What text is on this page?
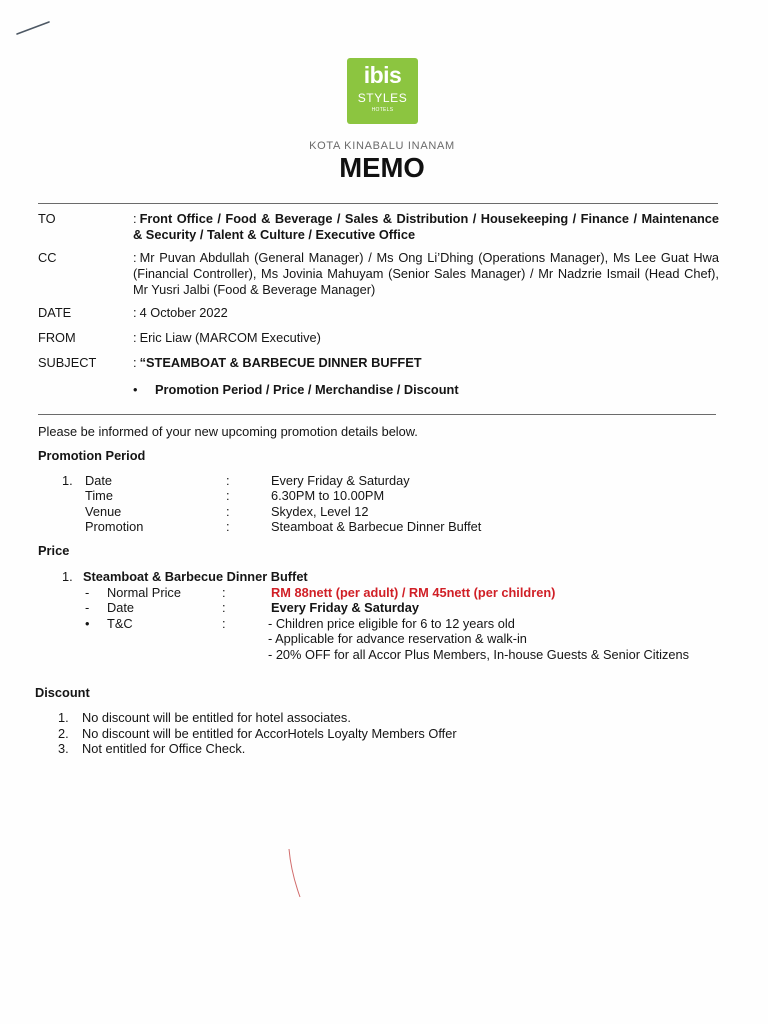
ibis
STYLES
HOTELS
KOTA KINABALU INANAM
MEMO
TO	: Front Office / Food & Beverage / Sales & Distribution / Housekeeping / Finance / Maintenance
& Security / Talent & Culture / Executive Office
CC	: Mr Puvan Abdullah (General Manager) / Ms Ong Li’Dhing (Operations Manager), Ms Lee Guat Hwa
(Financial Controller), Ms Jovinia Mahuyam (Senior Sales Manager) / Mr Nadzrie Ismail (Head Chef),
Mr Yusri Jalbi (Food & Beverage Manager)
DATE	: 4 October 2022
FROM	: Eric Liaw (MARCOM Executive)
SUBJECT	: “STEAMBOAT & BARBECUE DINNER BUFFET
• Promotion Period / Price / Merchandise / Discount
Please be informed of your new upcoming promotion details below.
Promotion Period
1. Date	:	Every Friday & Saturday
Time	:	6.30PM to 10.00PM
Venue	:	Skydex, Level 12
Promotion	:	Steamboat & Barbecue Dinner Buffet
Price
1. Steamboat & Barbecue Dinner Buffet
- Normal Price	:	RM 88nett (per adult) / RM 45nett (per children)
- Date	:	Every Friday & Saturday
• T&C	:	- Children price eligible for 6 to 12 years old
- Applicable for advance reservation & walk-in
- 20% OFF for all Accor Plus Members, In-house Guests & Senior Citizens
Discount
1. No discount will be entitled for hotel associates.
2. No discount will be entitled for AccorHotels Loyalty Members Offer
3. Not entitled for Office Check.
